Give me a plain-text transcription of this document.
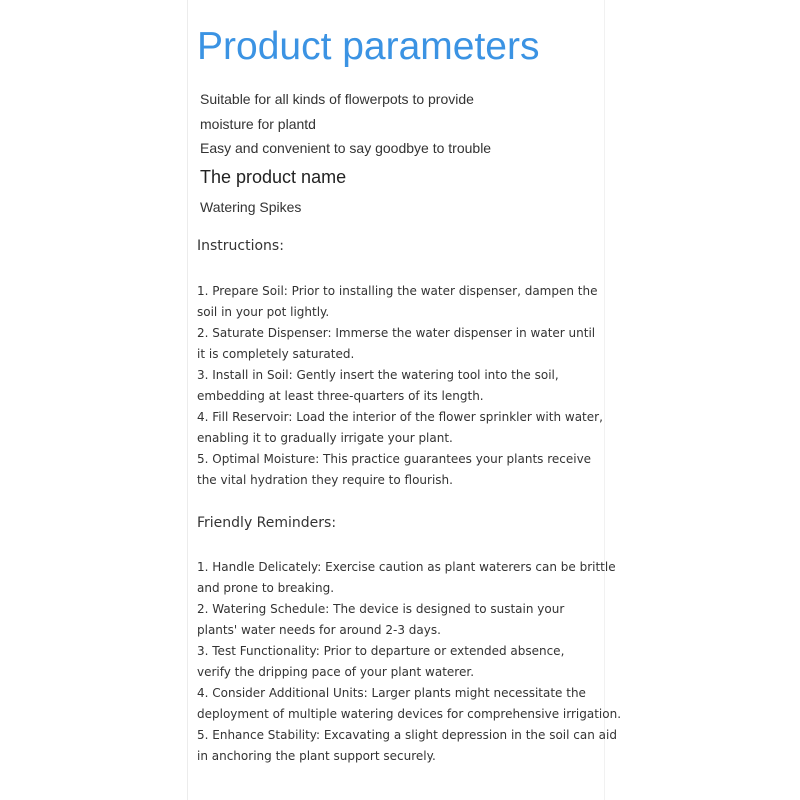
Product parameters
Suitable for all kinds of flowerpots to provide
moisture for plantd
Easy and convenient to say goodbye to trouble
The product name
Watering Spikes
Instructions:
1. Prepare Soil: Prior to installing the water dispenser, dampen the
soil in your pot lightly.
2. Saturate Dispenser: Immerse the water dispenser in water until
it is completely saturated.
3. Install in Soil: Gently insert the watering tool into the soil,
embedding at least three-quarters of its length.
4. Fill Reservoir: Load the interior of the flower sprinkler with water,
enabling it to gradually irrigate your plant.
5. Optimal Moisture: This practice guarantees your plants receive
the vital hydration they require to flourish.
Friendly Reminders:
1. Handle Delicately: Exercise caution as plant waterers can be brittle
and prone to breaking.
2. Watering Schedule: The device is designed to sustain your
plants' water needs for around 2-3 days.
3. Test Functionality: Prior to departure or extended absence,
verify the dripping pace of your plant waterer.
4. Consider Additional Units: Larger plants might necessitate the
deployment of multiple watering devices for comprehensive irrigation.
5. Enhance Stability: Excavating a slight depression in the soil can aid
in anchoring the plant support securely.
